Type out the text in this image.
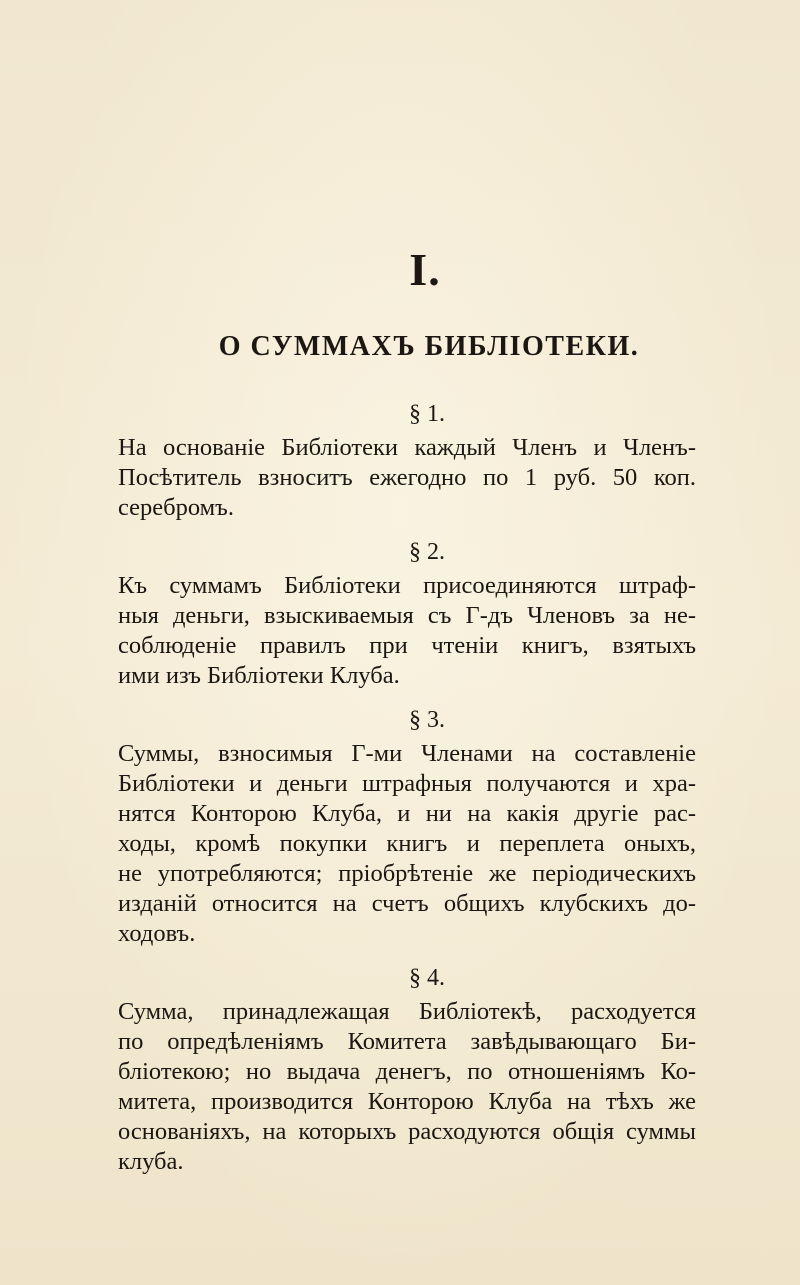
I.
О СУММАХЪ БИБЛІОТЕКИ.
§ 1.
На основаніе Библіотеки каждый Членъ и Членъ-
Посѣтитель взноситъ ежегодно по 1 руб. 50 коп.
серебромъ.
§ 2.
Къ суммамъ Библіотеки присоединяются штраф-
ныя деньги, взыскиваемыя съ Г-дъ Членовъ за не-
соблюденіе правилъ при чтеніи книгъ, взятыхъ
ими изъ Библіотеки Клуба.
§ 3.
Суммы, взносимыя Г-ми Членами на составленіе
Библіотеки и деньги штрафныя получаются и хра-
нятся Конторою Клуба, и ни на какія другіе рас-
ходы, кромѣ покупки книгъ и переплета оныхъ,
не употребляются; пріобрѣтеніе же періодическихъ
изданій относится на счетъ общихъ клубскихъ до-
ходовъ.
§ 4.
Сумма, принадлежащая Библіотекѣ, расходуется
по опредѣленіямъ Комитета завѣдывающаго Би-
бліотекою; но выдача денегъ, по отношеніямъ Ко-
митета, производится Конторою Клуба на тѣхъ же
основаніяхъ, на которыхъ расходуются общія суммы
клуба.
